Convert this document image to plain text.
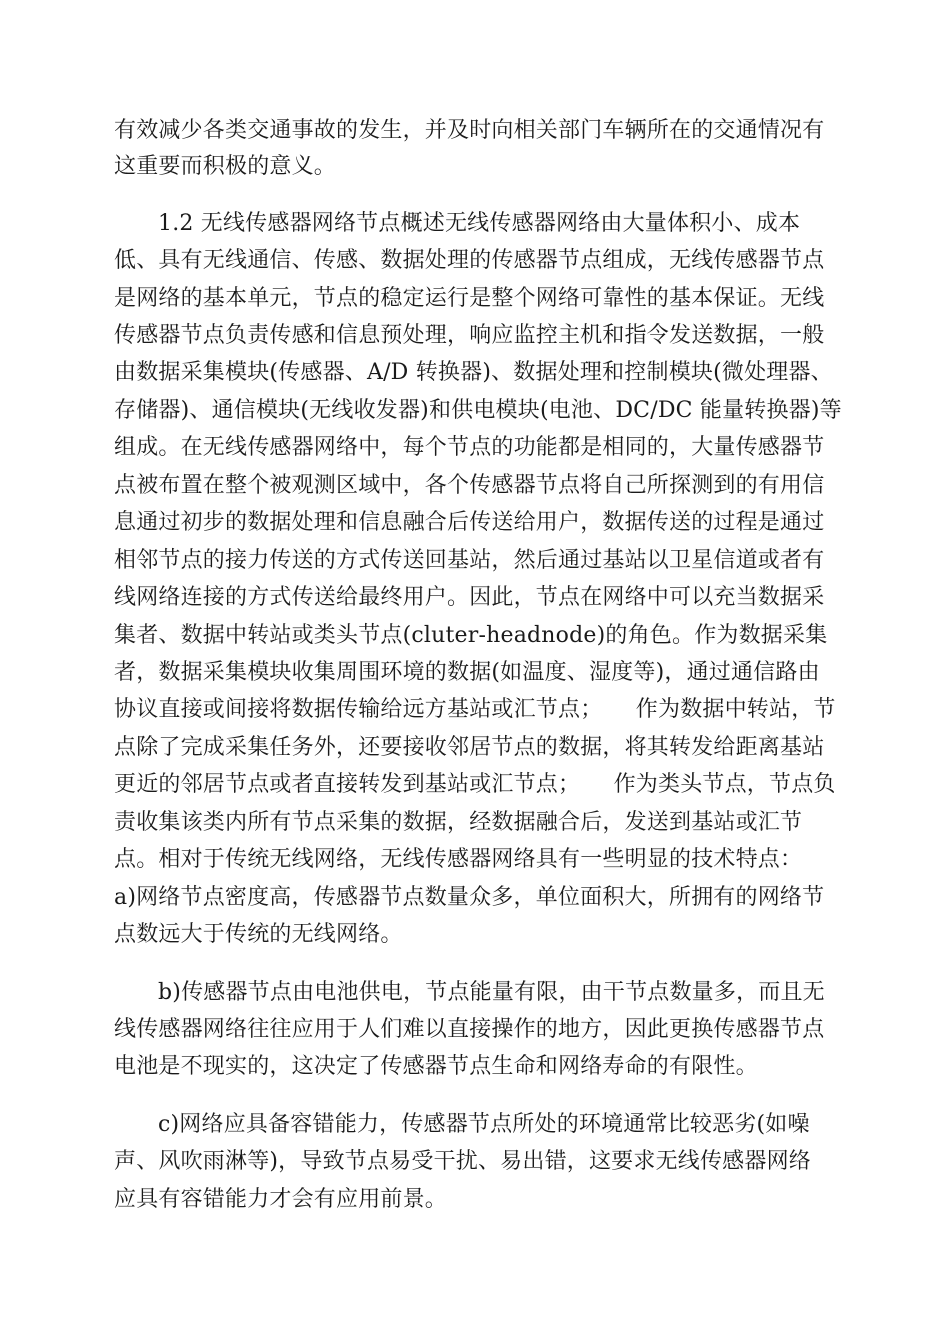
有效减少各类交通事故的发生，并及时向相关部门车辆所在的交通情况有
这重要而积极的意义。
1.2 无线传感器网络节点概述无线传感器网络由大量体积小、成本
低、具有无线通信、传感、数据处理的传感器节点组成，无线传感器节点
是网络的基本单元，节点的稳定运行是整个网络可靠性的基本保证。无线
传感器节点负责传感和信息预处理，响应监控主机和指令发送数据，一般
由数据采集模块(传感器、A/D 转换器)、数据处理和控制模块(微处理器、
存储器)、通信模块(无线收发器)和供电模块(电池、DC/DC 能量转换器)等
组成。在无线传感器网络中，每个节点的功能都是相同的，大量传感器节
点被布置在整个被观测区域中，各个传感器节点将自己所探测到的有用信
息通过初步的数据处理和信息融合后传送给用户，数据传送的过程是通过
相邻节点的接力传送的方式传送回基站，然后通过基站以卫星信道或者有
线网络连接的方式传送给最终用户。因此，节点在网络中可以充当数据采
集者、数据中转站或类头节点(cluter-headnode)的角色。作为数据采集
者，数据采集模块收集周围环境的数据(如温度、湿度等)，通过通信路由
协议直接或间接将数据传输给远方基站或汇节点；　　作为数据中转站，节
点除了完成采集任务外，还要接收邻居节点的数据，将其转发给距离基站
更近的邻居节点或者直接转发到基站或汇节点；　　作为类头节点，节点负
责收集该类内所有节点采集的数据，经数据融合后，发送到基站或汇节
点。相对于传统无线网络，无线传感器网络具有一些明显的技术特点：
a)网络节点密度高，传感器节点数量众多，单位面积大，所拥有的网络节
点数远大于传统的无线网络。
b)传感器节点由电池供电，节点能量有限，由干节点数量多，而且无
线传感器网络往往应用于人们难以直接操作的地方，因此更换传感器节点
电池是不现实的，这决定了传感器节点生命和网络寿命的有限性。
c)网络应具备容错能力，传感器节点所处的环境通常比较恶劣(如噪
声、风吹雨淋等)，导致节点易受干扰、易出错，这要求无线传感器网络
应具有容错能力才会有应用前景。
